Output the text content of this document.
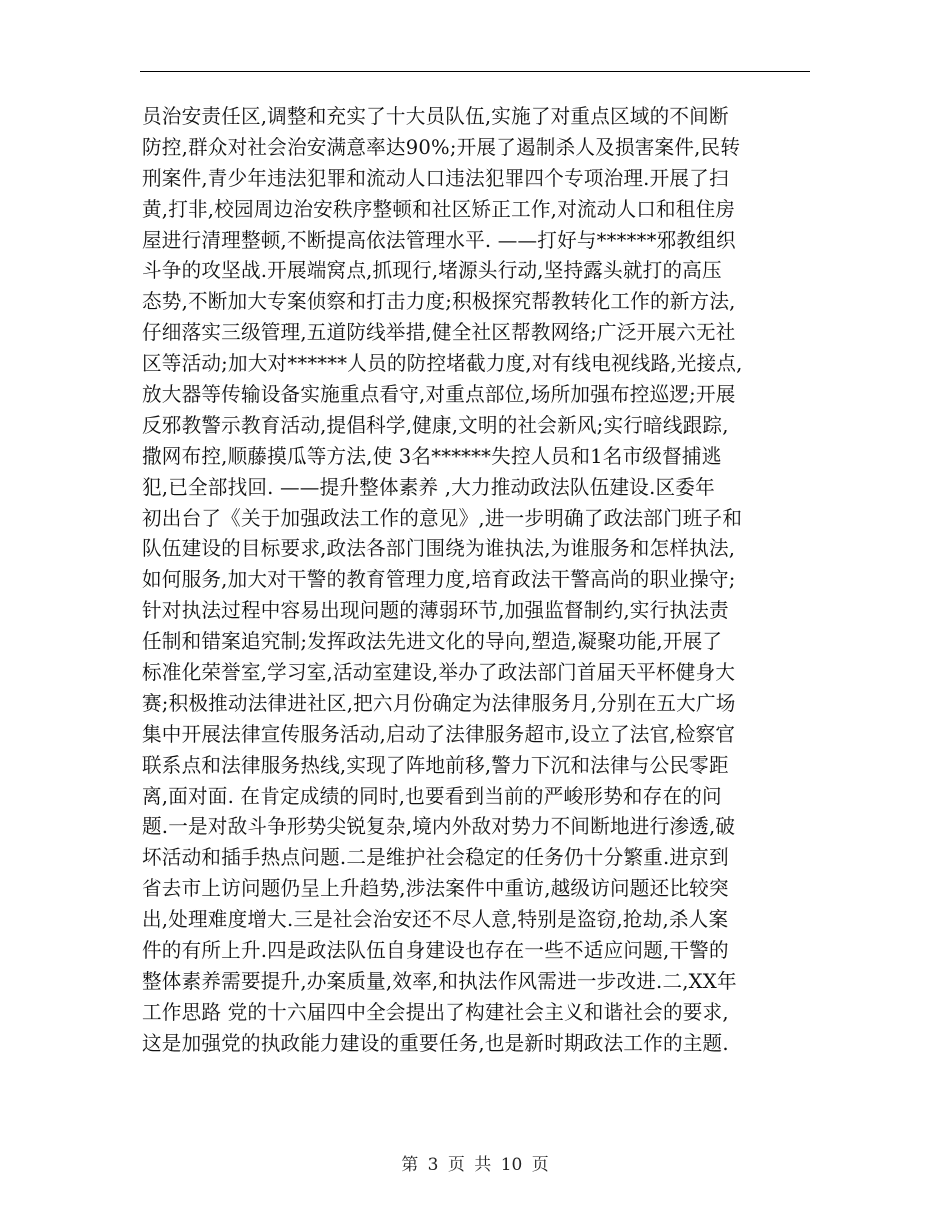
员治安责任区,调整和充实了十大员队伍,实施了对重点区域的不间断
防控,群众对社会治安满意率达90%;开展了遏制杀人及损害案件,民转
刑案件,青少年违法犯罪和流动人口违法犯罪四个专项治理.开展了扫
黄,打非,校园周边治安秩序整顿和社区矫正工作,对流动人口和租住房
屋进行清理整顿,不断提高依法管理水平. ——打好与******邪教组织
斗争的攻坚战.开展端窝点,抓现行,堵源头行动,坚持露头就打的高压
态势,不断加大专案侦察和打击力度;积极探究帮教转化工作的新方法,
仔细落实三级管理,五道防线举措,健全社区帮教网络;广泛开展六无社
区等活动;加大对******人员的防控堵截力度,对有线电视线路,光接点,
放大器等传输设备实施重点看守,对重点部位,场所加强布控巡逻;开展
反邪教警示教育活动,提倡科学,健康,文明的社会新风;实行暗线跟踪,
撒网布控,顺藤摸瓜等方法,使 3名******失控人员和1名市级督捕逃
犯,已全部找回. ——提升整体素养 ,大力推动政法队伍建设.区委年
初出台了《关于加强政法工作的意见》,进一步明确了政法部门班子和
队伍建设的目标要求,政法各部门围绕为谁执法,为谁服务和怎样执法,
如何服务,加大对干警的教育管理力度,培育政法干警高尚的职业操守;
针对执法过程中容易出现问题的薄弱环节,加强监督制约,实行执法责
任制和错案追究制;发挥政法先进文化的导向,塑造,凝聚功能,开展了
标准化荣誉室,学习室,活动室建设,举办了政法部门首届天平杯健身大
赛;积极推动法律进社区,把六月份确定为法律服务月,分别在五大广场
集中开展法律宣传服务活动,启动了法律服务超市,设立了法官,检察官
联系点和法律服务热线,实现了阵地前移,警力下沉和法律与公民零距
离,面对面. 在肯定成绩的同时,也要看到当前的严峻形势和存在的问
题.一是对敌斗争形势尖锐复杂,境内外敌对势力不间断地进行渗透,破
坏活动和插手热点问题.二是维护社会稳定的任务仍十分繁重.进京到
省去市上访问题仍呈上升趋势,涉法案件中重访,越级访问题还比较突
出,处理难度增大.三是社会治安还不尽人意,特别是盗窃,抢劫,杀人案
件的有所上升.四是政法队伍自身建设也存在一些不适应问题,干警的
整体素养需要提升,办案质量,效率,和执法作风需进一步改进.二,XX年
工作思路 党的十六届四中全会提出了构建社会主义和谐社会的要求,
这是加强党的执政能力建设的重要任务,也是新时期政法工作的主题.
第 3 页 共 10 页
